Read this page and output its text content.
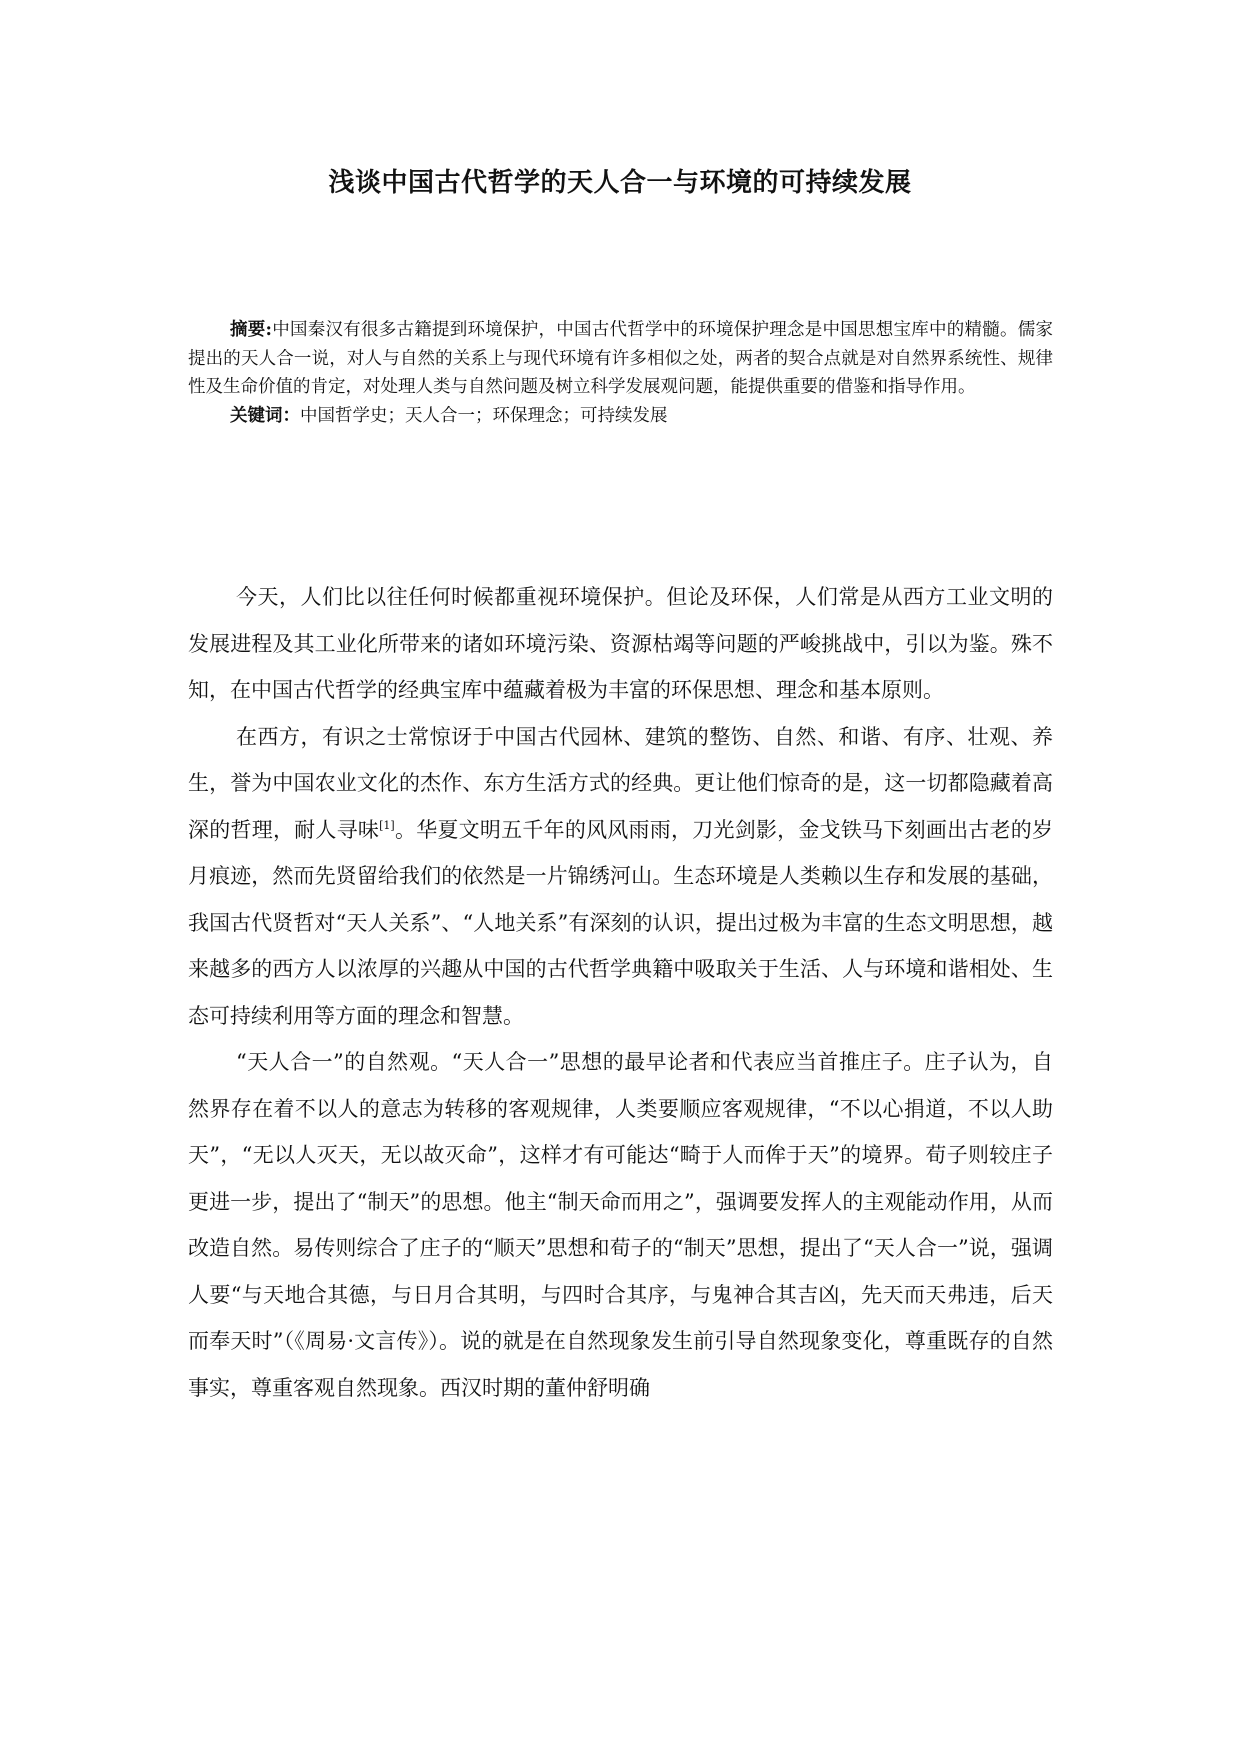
浅谈中国古代哲学的天人合一与环境的可持续发展

摘要:中国秦汉有很多古籍提到环境保护，中国古代哲学中的环境保护理念是中国思想宝库中的精髓。儒家提出的天人合一说，对人与自然的关系上与现代环境有许多相似之处，两者的契合点就是对自然界系统性、规律性及生命价值的肯定，对处理人类与自然问题及树立科学发展观问题，能提供重要的借鉴和指导作用。

关键词：中国哲学史；天人合一；环保理念；可持续发展

今天，人们比以往任何时候都重视环境保护。但论及环保，人们常是从西方工业文明的发展进程及其工业化所带来的诸如环境污染、资源枯竭等问题的严峻挑战中，引以为鉴。殊不知，在中国古代哲学的经典宝库中蕴藏着极为丰富的环保思想、理念和基本原则。

在西方，有识之士常惊讶于中国古代园林、建筑的整饬、自然、和谐、有序、壮观、养生，誉为中国农业文化的杰作、东方生活方式的经典。更让他们惊奇的是，这一切都隐藏着高深的哲理，耐人寻味[1]。华夏文明五千年的风风雨雨，刀光剑影，金戈铁马下刻画出古老的岁月痕迹，然而先贤留给我们的依然是一片锦绣河山。生态环境是人类赖以生存和发展的基础，我国古代贤哲对“天人关系”、“人地关系”有深刻的认识，提出过极为丰富的生态文明思想，越来越多的西方人以浓厚的兴趣从中国的古代哲学典籍中吸取关于生活、人与环境和谐相处、生态可持续利用等方面的理念和智慧。

“天人合一”的自然观。“天人合一”思想的最早论者和代表应当首推庄子。庄子认为，自然界存在着不以人的意志为转移的客观规律，人类要顺应客观规律，“不以心捐道，不以人助天”，“无以人灭天，无以故灭命”，这样才有可能达“畸于人而侔于天”的境界。荀子则较庄子更进一步，提出了“制天”的思想。他主“制天命而用之”，强调要发挥人的主观能动作用，从而改造自然。易传则综合了庄子的“顺天”思想和荀子的“制天”思想，提出了“天人合一”说，强调人要“与天地合其德，与日月合其明，与四时合其序，与鬼神合其吉凶，先天而天弗违，后天而奉天时”（《周易·文言传》）。说的就是在自然现象发生前引导自然现象变化，尊重既存的自然事实，尊重客观自然现象。西汉时期的董仲舒明确
